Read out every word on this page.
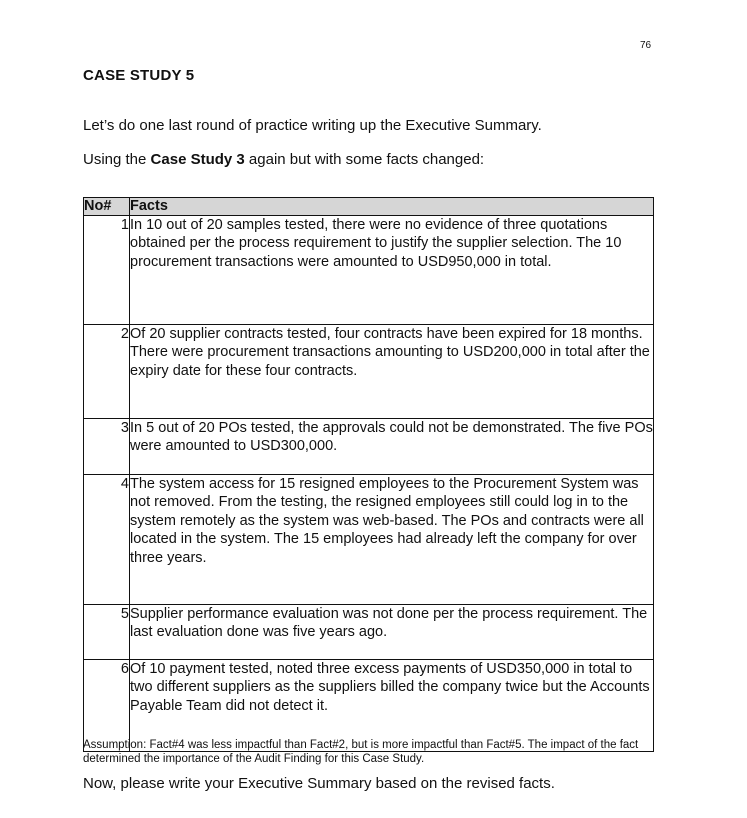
76
CASE STUDY 5
Let’s do one last round of practice writing up the Executive Summary.
Using the Case Study 3 again but with some facts changed:
No#	Facts
1	In 10 out of 20 samples tested, there were no evidence of three quotations obtained per the process requirement to justify the supplier selection. The 10 procurement transactions were amounted to USD950,000 in total.
2	Of 20 supplier contracts tested, four contracts have been expired for 18 months. There were procurement transactions amounting to USD200,000 in total after the expiry date for these four contracts.
3	In 5 out of 20 POs tested, the approvals could not be demonstrated. The five POs were amounted to USD300,000.
4	The system access for 15 resigned employees to the Procurement System was not removed. From the testing, the resigned employees still could log in to the system remotely as the system was web-based. The POs and contracts were all located in the system. The 15 employees had already left the company for over three years.
5	Supplier performance evaluation was not done per the process requirement. The last evaluation done was five years ago.
6	Of 10 payment tested, noted three excess payments of USD350,000 in total to two different suppliers as the suppliers billed the company twice but the Accounts Payable Team did not detect it.
Assumption: Fact#4 was less impactful than Fact#2, but is more impactful than Fact#5. The impact of the fact determined the importance of the Audit Finding for this Case Study.
Now, please write your Executive Summary based on the revised facts.
